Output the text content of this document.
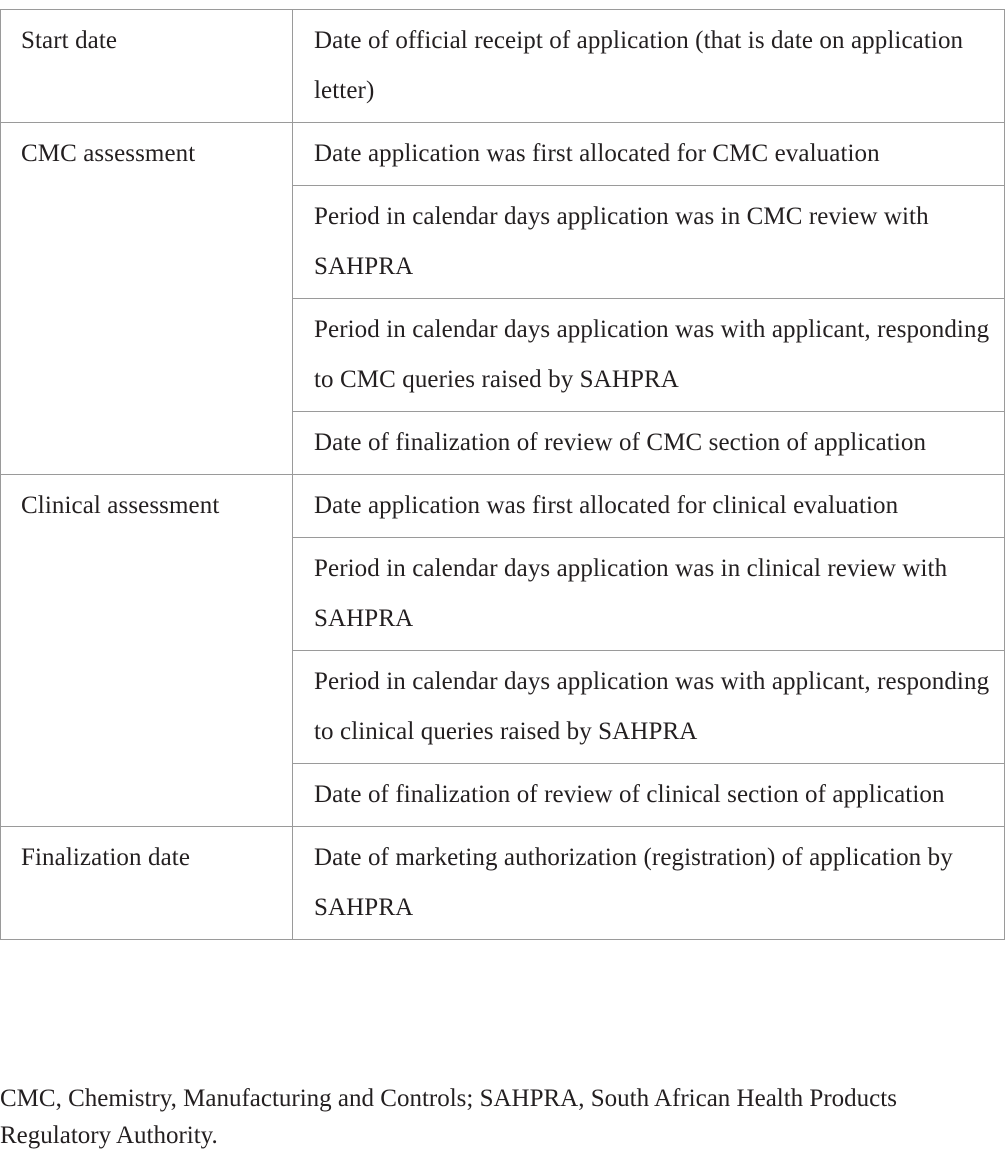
Start date	Date of official receipt of application (that is date on application letter)
CMC assessment	Date application was first allocated for CMC evaluation
	Period in calendar days application was in CMC review with SAHPRA
	Period in calendar days application was with applicant, responding to CMC queries raised by SAHPRA
	Date of finalization of review of CMC section of application
Clinical assessment	Date application was first allocated for clinical evaluation
	Period in calendar days application was in clinical review with SAHPRA
	Period in calendar days application was with applicant, responding to clinical queries raised by SAHPRA
	Date of finalization of review of clinical section of application
Finalization date	Date of marketing authorization (registration) of application by SAHPRA

CMC, Chemistry, Manufacturing and Controls; SAHPRA, South African Health Products Regulatory Authority.
